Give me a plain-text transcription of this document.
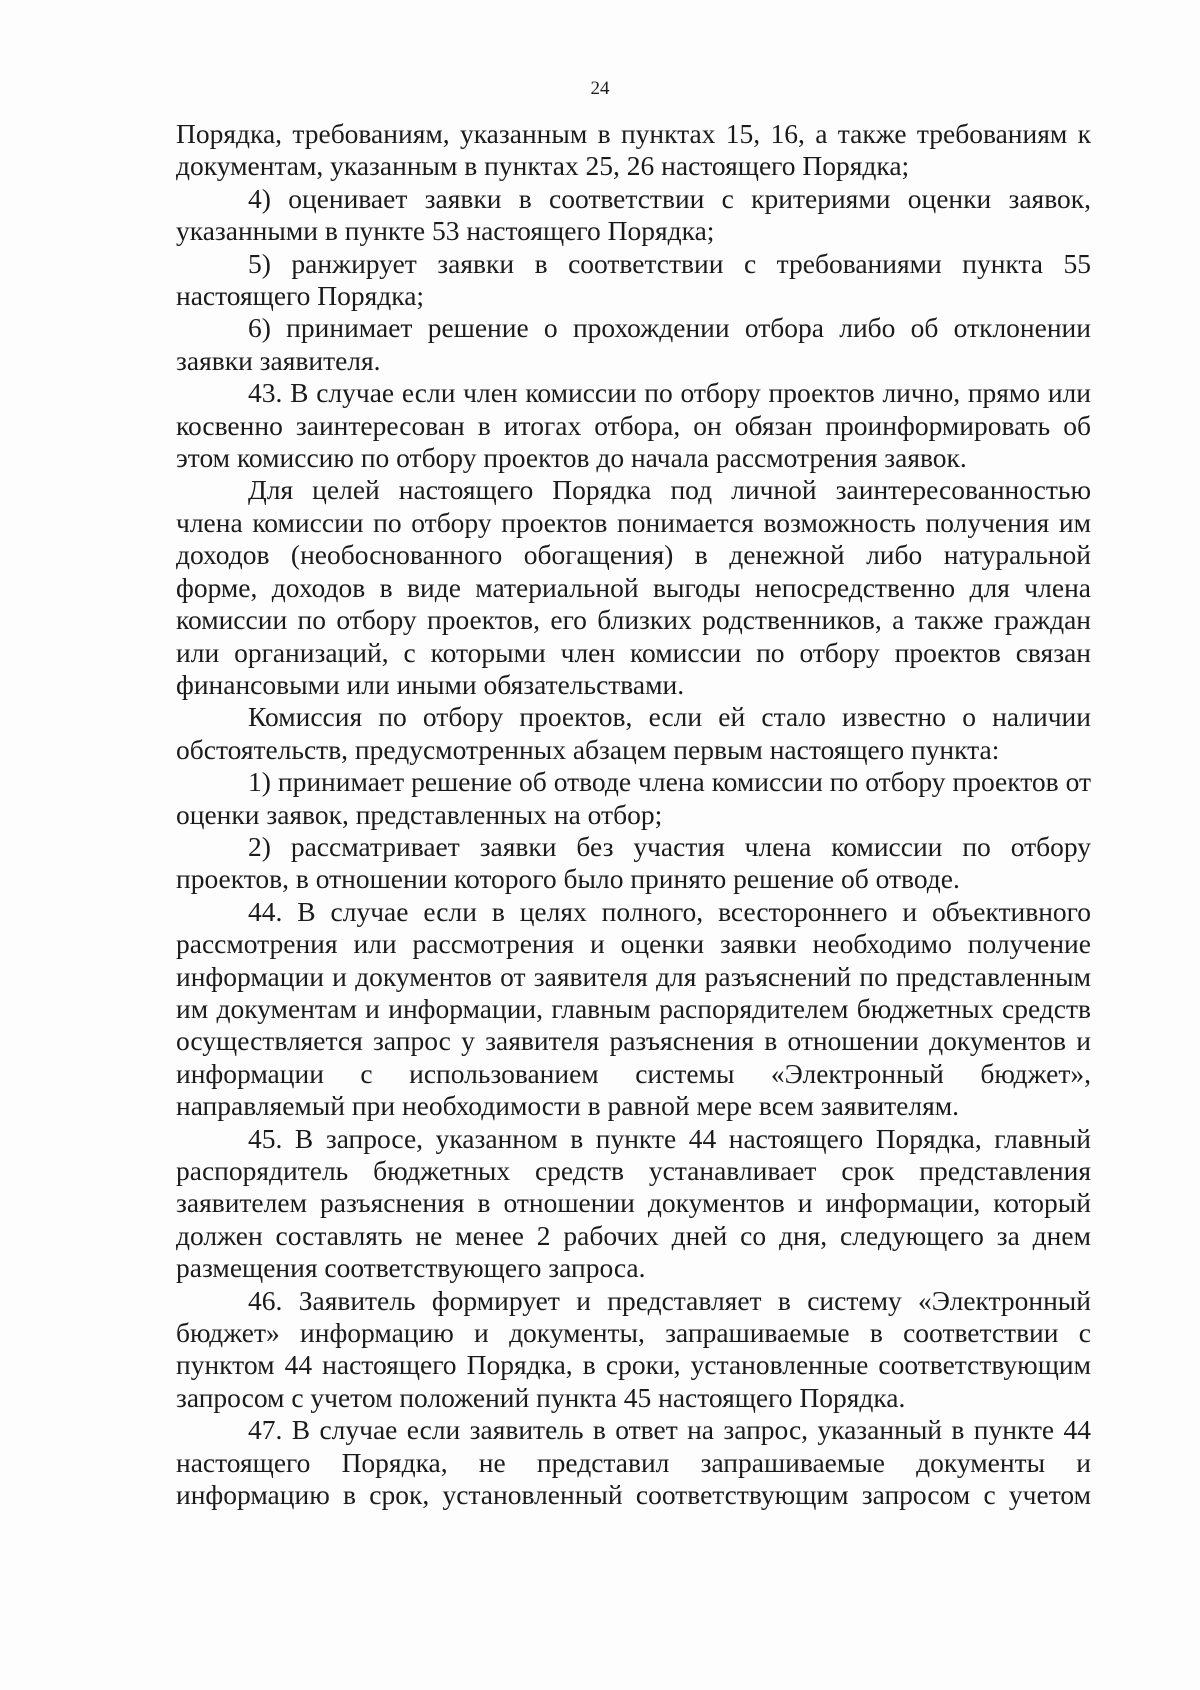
24

Порядка, требованиям, указанным в пунктах 15, 16, а также требованиям к документам, указанным в пунктах 25, 26 настоящего Порядка;

4) оценивает заявки в соответствии с критериями оценки заявок, указанными в пункте 53 настоящего Порядка;

5) ранжирует заявки в соответствии с требованиями пункта 55 настоящего Порядка;

6) принимает решение о прохождении отбора либо об отклонении заявки заявителя.

43. В случае если член комиссии по отбору проектов лично, прямо или косвенно заинтересован в итогах отбора, он обязан проинформировать об этом комиссию по отбору проектов до начала рассмотрения заявок.

Для целей настоящего Порядка под личной заинтересованностью члена комиссии по отбору проектов понимается возможность получения им доходов (необоснованного обогащения) в денежной либо натуральной форме, доходов в виде материальной выгоды непосредственно для члена комиссии по отбору проектов, его близких родственников, а также граждан или организаций, с которыми член комиссии по отбору проектов связан финансовыми или иными обязательствами.

Комиссия по отбору проектов, если ей стало известно о наличии обстоятельств, предусмотренных абзацем первым настоящего пункта:

1) принимает решение об отводе члена комиссии по отбору проектов от оценки заявок, представленных на отбор;

2) рассматривает заявки без участия члена комиссии по отбору проектов, в отношении которого было принято решение об отводе.

44. В случае если в целях полного, всестороннего и объективного рассмотрения или рассмотрения и оценки заявки необходимо получение информации и документов от заявителя для разъяснений по представленным им документам и информации, главным распорядителем бюджетных средств осуществляется запрос у заявителя разъяснения в отношении документов и информации с использованием системы «Электронный бюджет», направляемый при необходимости в равной мере всем заявителям.

45. В запросе, указанном в пункте 44 настоящего Порядка, главный распорядитель бюджетных средств устанавливает срок представления заявителем разъяснения в отношении документов и информации, который должен составлять не менее 2 рабочих дней со дня, следующего за днем размещения соответствующего запроса.

46. Заявитель формирует и представляет в систему «Электронный бюджет» информацию и документы, запрашиваемые в соответствии с пунктом 44 настоящего Порядка, в сроки, установленные соответствующим запросом с учетом положений пункта 45 настоящего Порядка.

47. В случае если заявитель в ответ на запрос, указанный в пункте 44 настоящего Порядка, не представил запрашиваемые документы и информацию в срок, установленный соответствующим запросом с учетом
